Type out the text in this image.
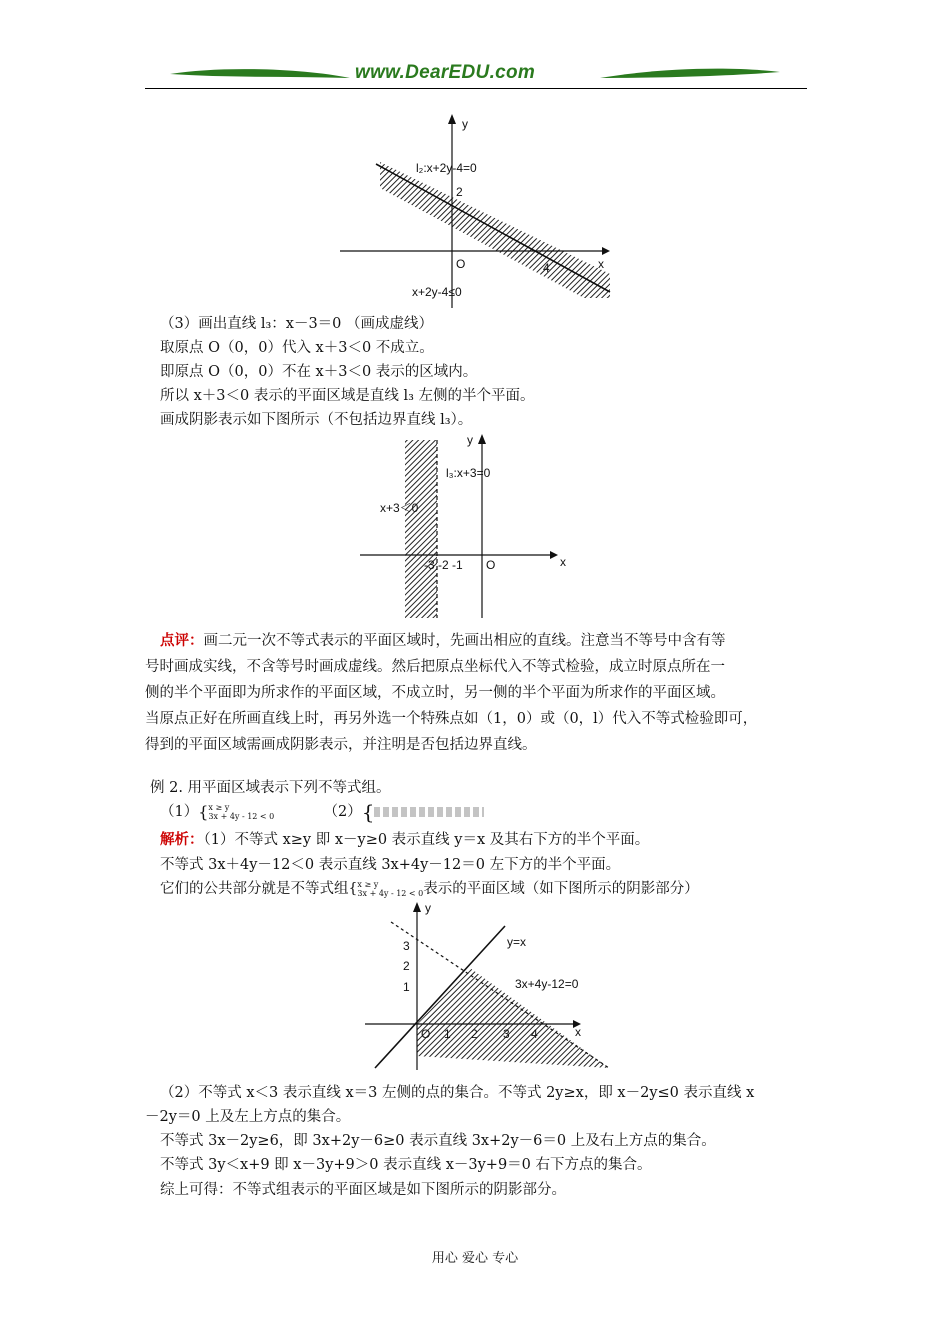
www.DearEDU.com
y
l₂:x+2y-4=0
2
O	4	x
x+2y-4≤0
（3）画出直线 l₃：x－3＝0 （画成虚线）
取原点 O（0，0）代入 x＋3＜0 不成立。
即原点 O（0，0）不在 x＋3＜0 表示的区域内。
所以 x＋3＜0 表示的平面区域是直线 l₃ 左侧的半个平面。
画成阴影表示如下图所示（不包括边界直线 l₃）。
y
l₃:x+3=0
x+3＜0
-3 -2 -1 O	x
点评：画二元一次不等式表示的平面区域时，先画出相应的直线。注意当不等号中含有等
号时画成实线，不含等号时画成虚线。然后把原点坐标代入不等式检验，成立时原点所在一
侧的半个平面即为所求作的平面区域，不成立时，另一侧的半个平面为所求作的平面区域。
当原点正好在所画直线上时，再另外选一个特殊点如（1，0）或（0，l）代入不等式检验即可，
得到的平面区域需画成阴影表示，并注明是否包括边界直线。
例 2. 用平面区域表示下列不等式组。
（1）{x ≥ y
3x + 4y - 12 < 0	（2）{
解析：（1）不等式 x≥y 即 x－y≥0 表示直线 y＝x 及其右下方的半个平面。
不等式 3x＋4y－12＜0 表示直线 3x+4y－12＝0 左下方的半个平面。
它们的公共部分就是不等式组{x ≥ y
3x + 4y - 12 < 0表示的平面区域（如下图所示的阴影部分）
y
y=x
3x+4y-12=0
3
2
1
O 1 2 3 4	x
（2）不等式 x＜3 表示直线 x＝3 左侧的点的集合。不等式 2y≥x，即 x－2y≤0 表示直线 x
－2y＝0 上及左上方点的集合。
不等式 3x－2y≥6，即 3x+2y－6≥0 表示直线 3x+2y－6＝0 上及右上方点的集合。
不等式 3y＜x+9 即 x－3y+9＞0 表示直线 x－3y+9＝0 右下方点的集合。
综上可得：不等式组表示的平面区域是如下图所示的阴影部分。
用心 爱心 专心
